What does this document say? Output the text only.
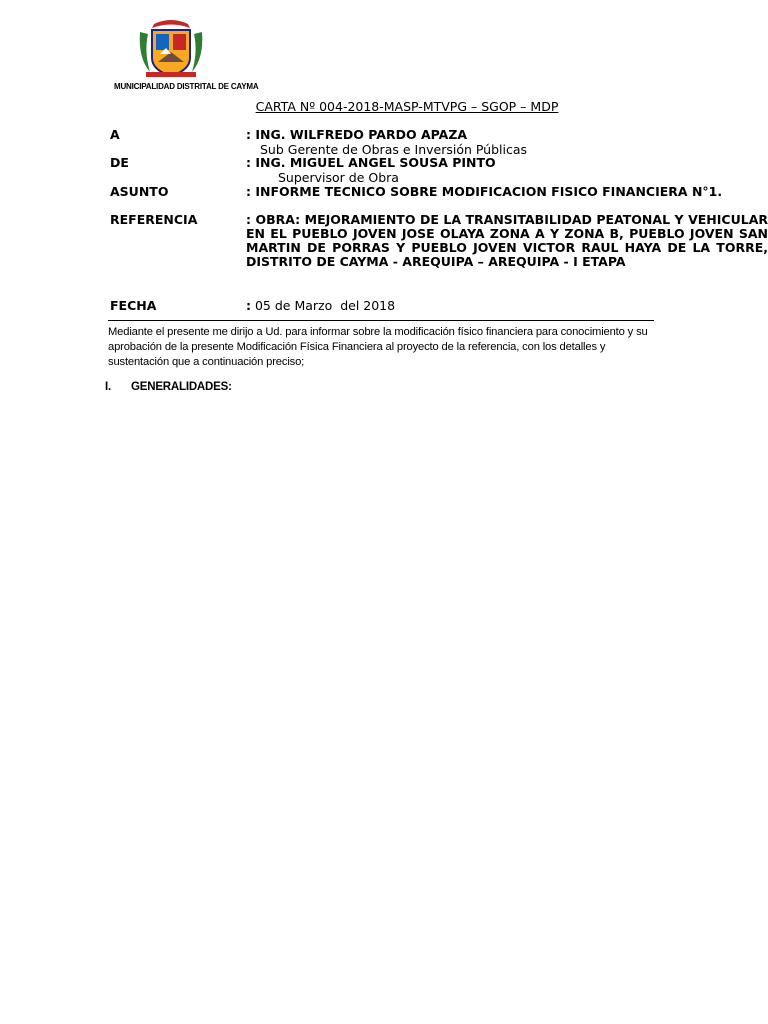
MUNICIPALIDAD DISTRITAL DE CAYMA
CARTA Nº 004-2018-MASP-MTVPG – SGOP – MDP
A	: ING. WILFREDO PARDO APAZA
Sub Gerente de Obras e Inversión Públicas
DE	: ING. MIGUEL ANGEL SOUSA PINTO
Supervisor de Obra
ASUNTO	: INFORME TECNICO SOBRE MODIFICACION FISICO FINANCIERA N°1.
REFERENCIA	: OBRA: MEJORAMIENTO DE LA TRANSITABILIDAD PEATONAL Y VEHICULAR EN EL PUEBLO JOVEN JOSE OLAYA ZONA A Y ZONA B, PUEBLO JOVEN SAN MARTIN DE PORRAS Y PUEBLO JOVEN VICTOR RAUL HAYA DE LA TORRE, DISTRITO DE CAYMA - AREQUIPA – AREQUIPA - I ETAPA
FECHA	: 05 de Marzo  del 2018
Mediante el presente me dirijo a Ud. para informar sobre la modificación físico financiera para conocimiento y su aprobación de la presente Modificación Física Financiera al proyecto de la referencia, con los detalles y sustentación que a continuación preciso;
I. GENERALIDADES:
